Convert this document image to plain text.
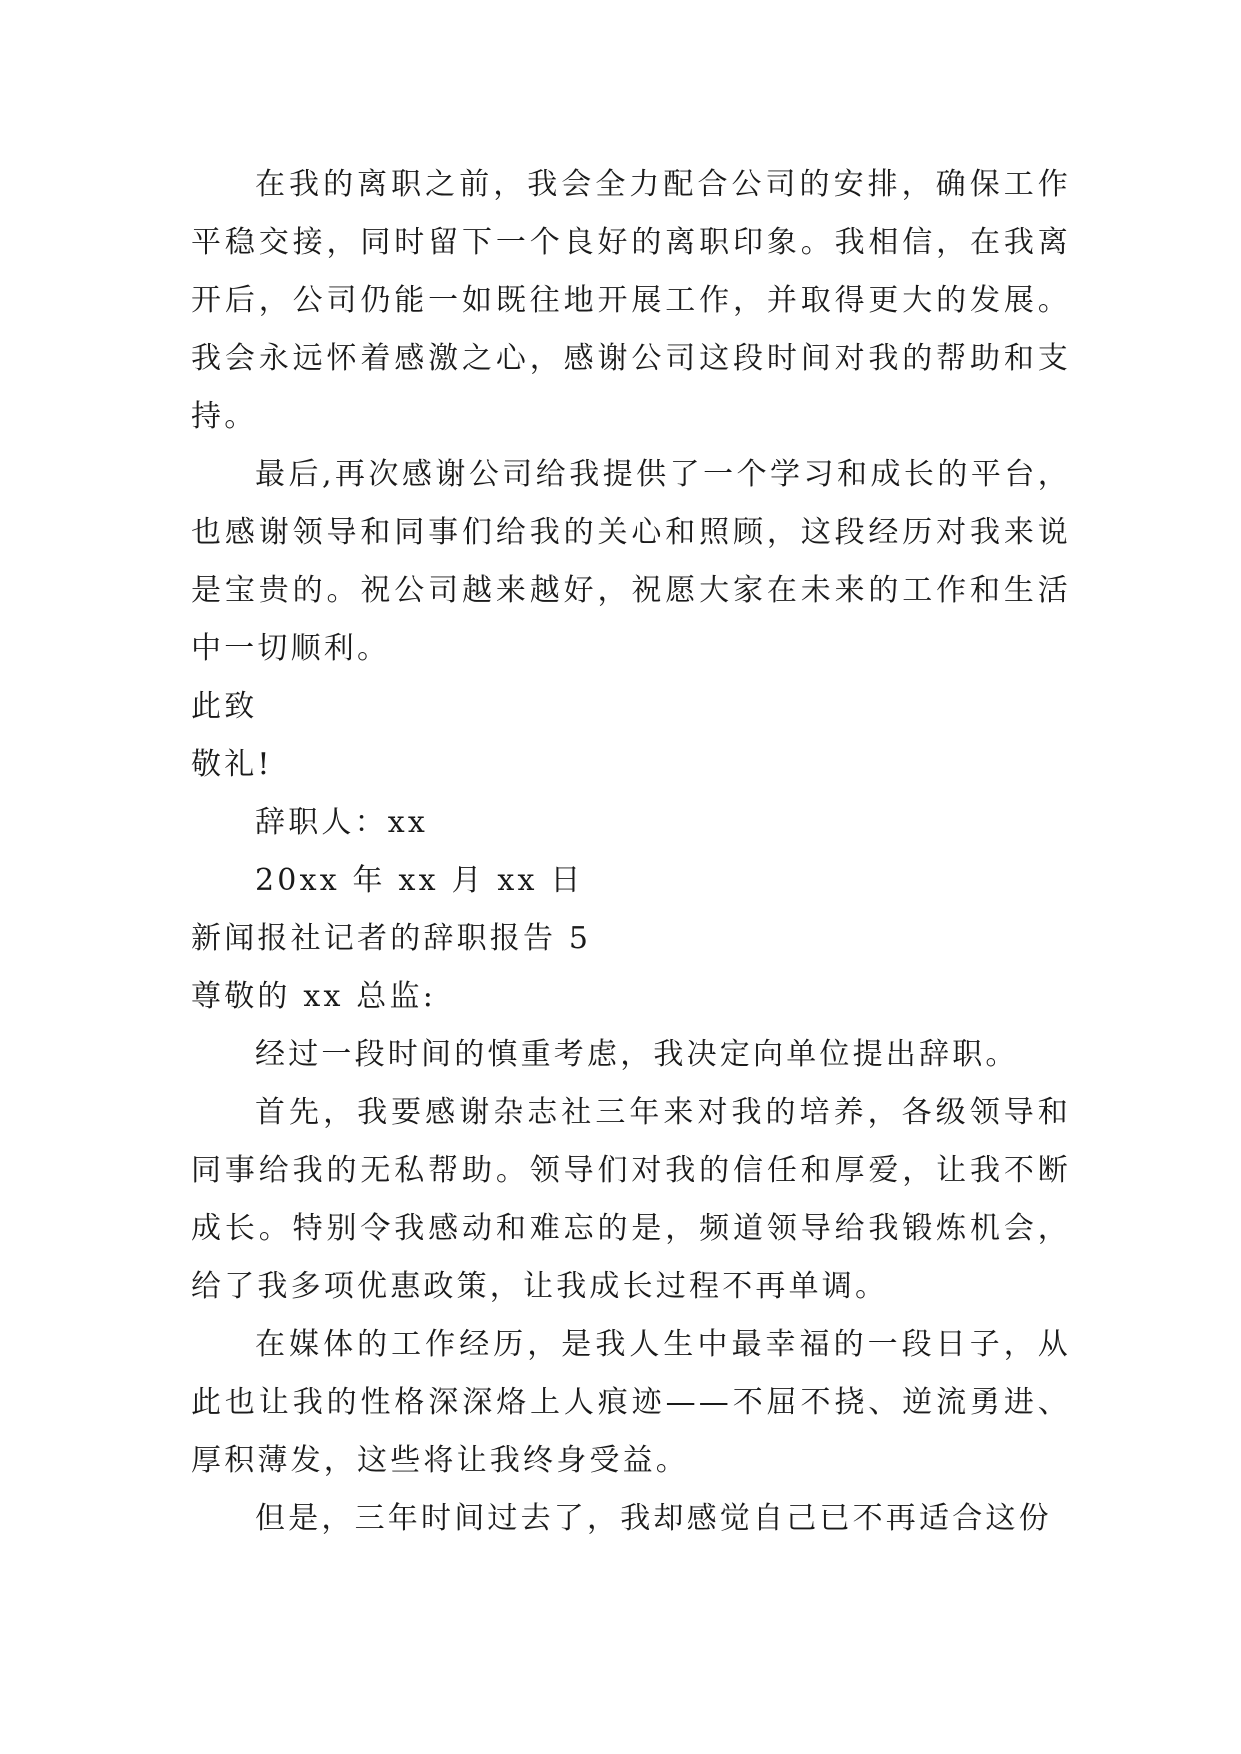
在我的离职之前，我会全力配合公司的安排，确保工作平稳交接，同时留下一个良好的离职印象。我相信，在我离开后，公司仍能一如既往地开展工作，并取得更大的发展。我会永远怀着感激之心，感谢公司这段时间对我的帮助和支持。

最后,再次感谢公司给我提供了一个学习和成长的平台，也感谢领导和同事们给我的关心和照顾，这段经历对我来说是宝贵的。祝公司越来越好，祝愿大家在未来的工作和生活中一切顺利。

此致
敬礼!
辞职人：xx
20xx 年 xx 月 xx 日
新闻报社记者的辞职报告 5
尊敬的 xx 总监:

经过一段时间的慎重考虑，我决定向单位提出辞职。

首先，我要感谢杂志社三年来对我的培养，各级领导和同事给我的无私帮助。领导们对我的信任和厚爱，让我不断成长。特别令我感动和难忘的是，频道领导给我锻炼机会，给了我多项优惠政策，让我成长过程不再单调。

在媒体的工作经历，是我人生中最幸福的一段日子，从此也让我的性格深深烙上人痕迹——不屈不挠、逆流勇进、厚积薄发，这些将让我终身受益。

但是，三年时间过去了，我却感觉自己已不再适合这份
